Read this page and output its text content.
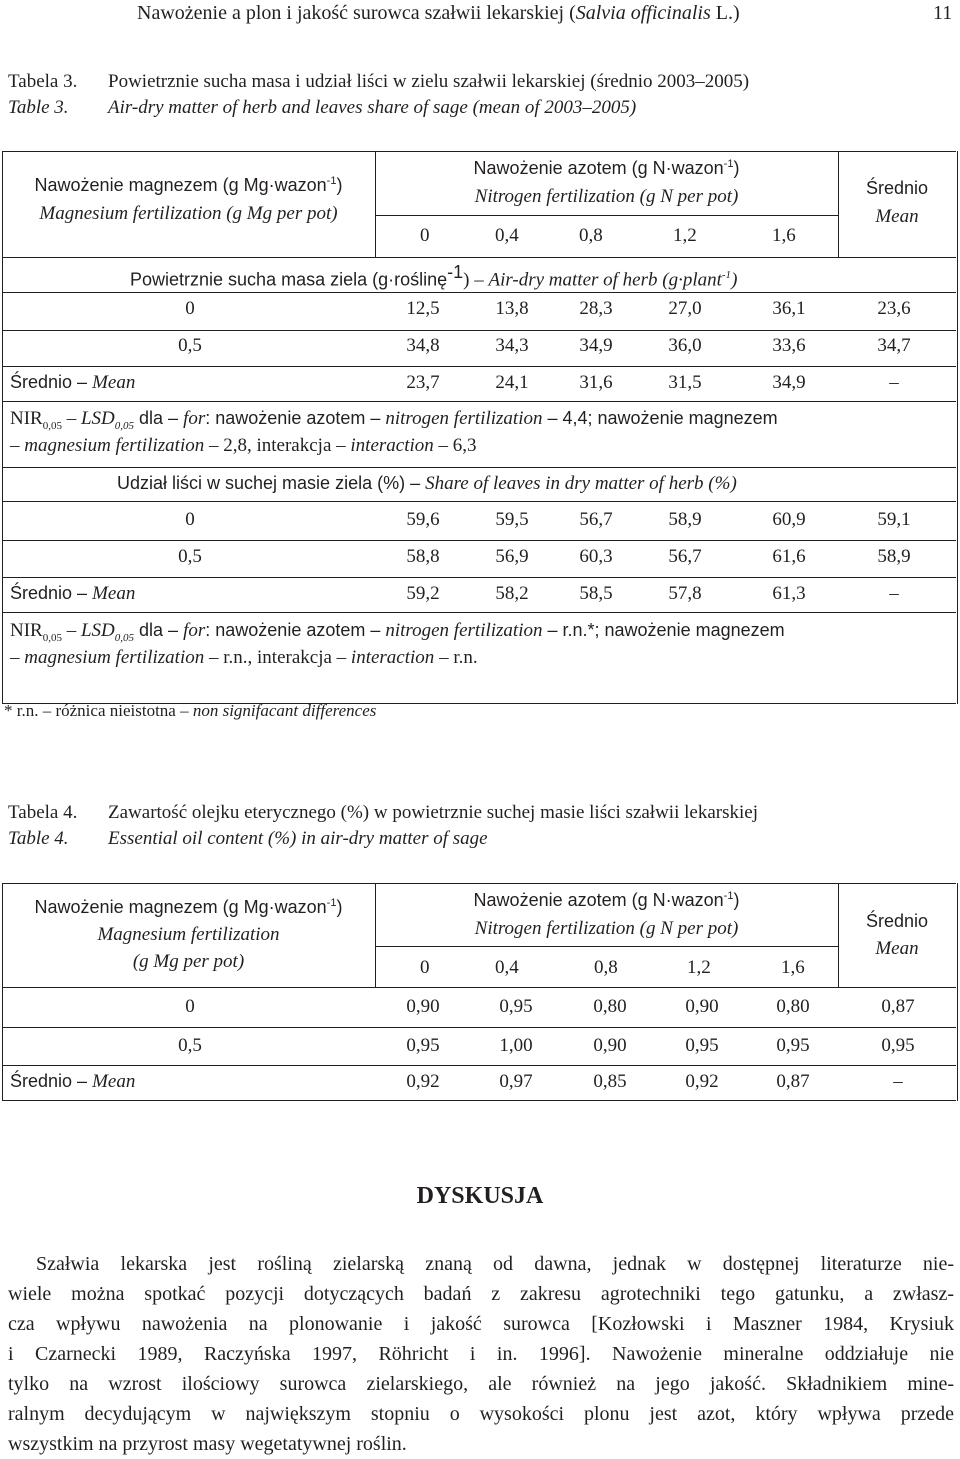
Nawożenie a plon i jakość surowca szałwii lekarskiej (Salvia officinalis L.)	11
Tabela 3.
Table 3.
Powietrznie sucha masa i udział liści w zielu szałwii lekarskiej (średnio 2003–2005)
Air-dry matter of herb and leaves share of sage (mean of 2003–2005)
Nawożenie magnezem (g Mg·wazon$^{-1}$)
Magnesium fertilization (g Mg per pot)
Nawożenie azotem (g N·wazon$^{-1}$)
Nitrogen fertilization (g N per pot)	Średnio
Mean
0	0,4	0,8	1,2	1,6
Powietrznie sucha masa ziela (g·roślinę$^{-1}$) – Air-dry matter of herb (g·plant$^{-1}$)
0	12,5	13,8	28,3	27,0	36,1	23,6
0,5	34,8	34,3	34,9	36,0	33,6	34,7
Średnio – Mean	23,7	24,1	31,6	31,5	34,9	–
$NIR_{0,05} - LSD_{0,05}$ dla – for: nawożenie azotem – nitrogen fertilization – 4,4; nawożenie magnezem
– magnesium fertilization – 2,8, interakcja – interaction – 6,3
Udział liści w suchej masie ziela (%) – Share of leaves in dry matter of herb (%)
0	59,6	59,5	56,7	58,9	60,9	59,1
0,5	58,8	56,9	60,3	56,7	61,6	58,9
Średnio – Mean	59,2	58,2	58,5	57,8	61,3	–
$NIR_{0,05} - LSD_{0,05}$ dla – for: nawożenie azotem – nitrogen fertilization – r.n.*; nawożenie magnezem
– magnesium fertilization – r.n., interakcja – interaction – r.n.
* r.n. – różnica nieistotna – non signifacant differences
Tabela 4.
Table 4.
Zawartość olejku eterycznego (%) w powietrznie suchej masie liści szałwii lekarskiej
Essential oil content (%) in air-dry matter of sage
Nawożenie magnezem (g Mg·wazon$^{-1}$)
Magnesium fertilization
(g Mg per pot)
Nawożenie azotem (g N·wazon$^{-1}$)
Nitrogen fertilization (g N per pot)	Średnio
Mean
0	0,4	0,8	1,2	1,6
0	0,90	0,95	0,80	0,90	0,80	0,87
0,5	0,95	1,00	0,90	0,95	0,95	0,95
Średnio – Mean	0,92	0,97	0,85	0,92	0,87	–
DYSKUSJA
Szałwia lekarska jest rośliną zielarską znaną od dawna, jednak w dostępnej literaturze nie-
wiele można spotkać pozycji dotyczących badań z zakresu agrotechniki tego gatunku, a zwłasz-
cza wpływu nawożenia na plonowanie i jakość surowca [Kozłowski i Maszner 1984, Krysiuk
i Czarnecki 1989, Raczyńska 1997, Röhricht i in. 1996]. Nawożenie mineralne oddziałuje nie
tylko na wzrost ilościowy surowca zielarskiego, ale również na jego jakość. Składnikiem mine-
ralnym decydującym w największym stopniu o wysokości plonu jest azot, który wpływa przede
wszystkim na przyrost masy wegetatywnej roślin.
